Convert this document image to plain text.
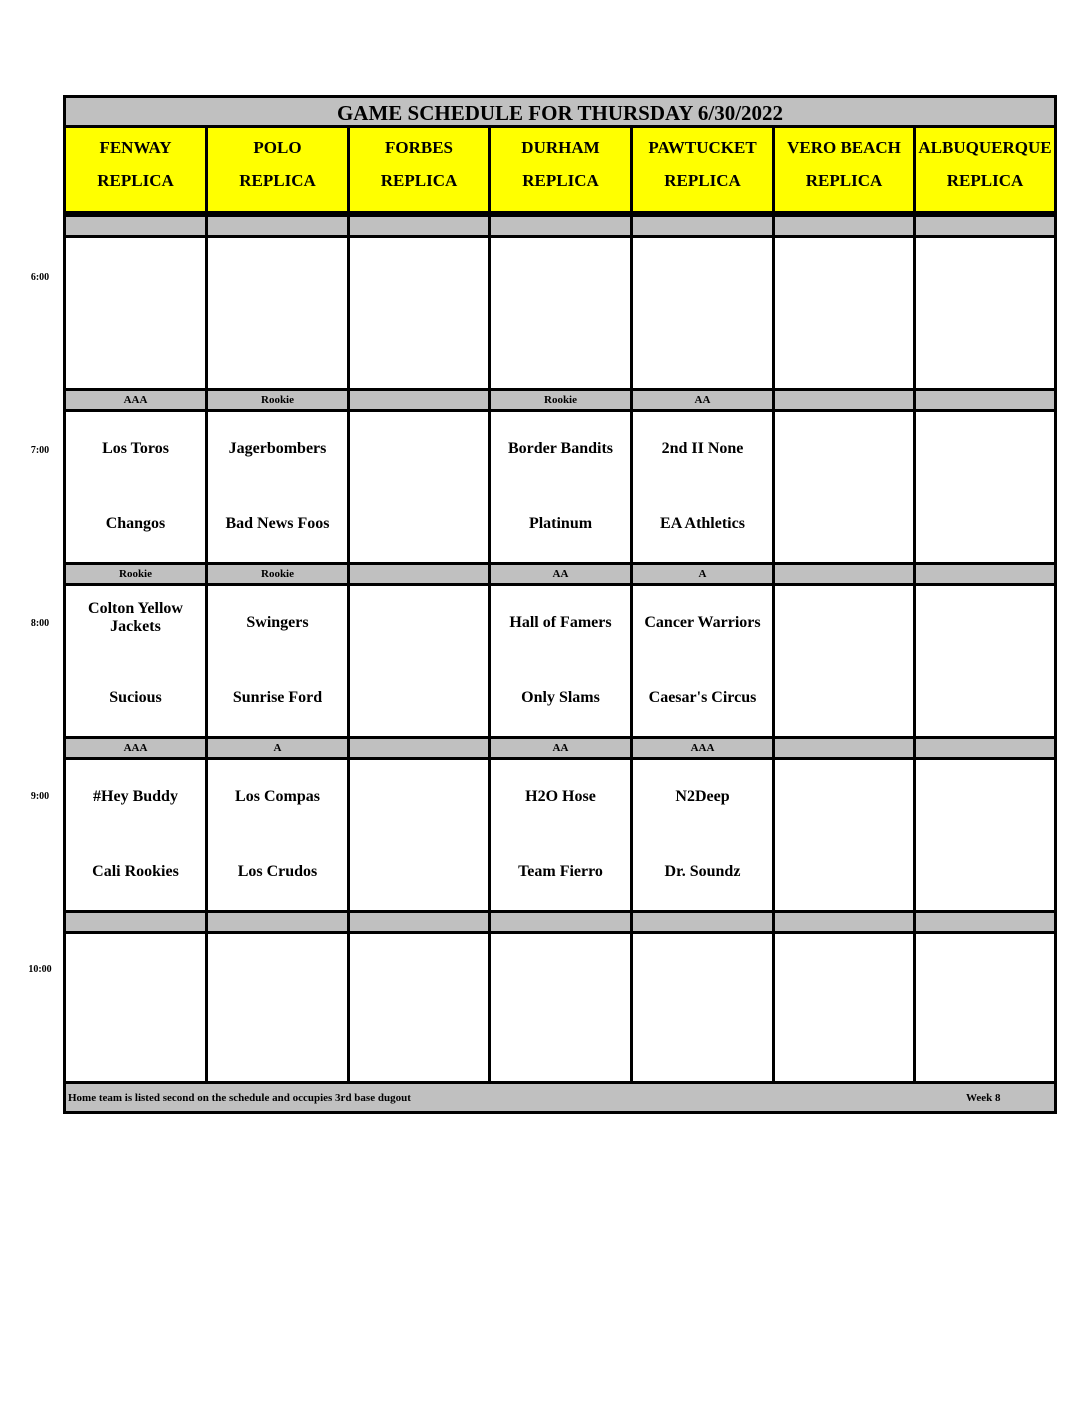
GAME SCHEDULE FOR THURSDAY 6/30/2022
FENWAY
REPLICA
AAA
Los Toros
Changos
Rookie
Colton Yellow Jackets
Sucious
AAA
#Hey Buddy
Cali Rookies
POLO
REPLICA
Rookie
Jagerbombers
Bad News Foos
Rookie
Swingers
Sunrise Ford
A
Los Compas
Los Crudos
FORBES
REPLICA
DURHAM
REPLICA
Rookie
Border Bandits
Platinum
AA
Hall of Famers
Only Slams
AA
H2O Hose
Team Fierro
PAWTUCKET
REPLICA
AA
2nd II None
EA Athletics
A
Cancer Warriors
Caesar's Circus
AAA
N2Deep
Dr. Soundz
VERO BEACH
REPLICA
ALBUQUERQUE
REPLICA
Home team is listed second on the schedule and occupies 3rd base dugout	Week 8
6:00
7:00
8:00
9:00
10:00
